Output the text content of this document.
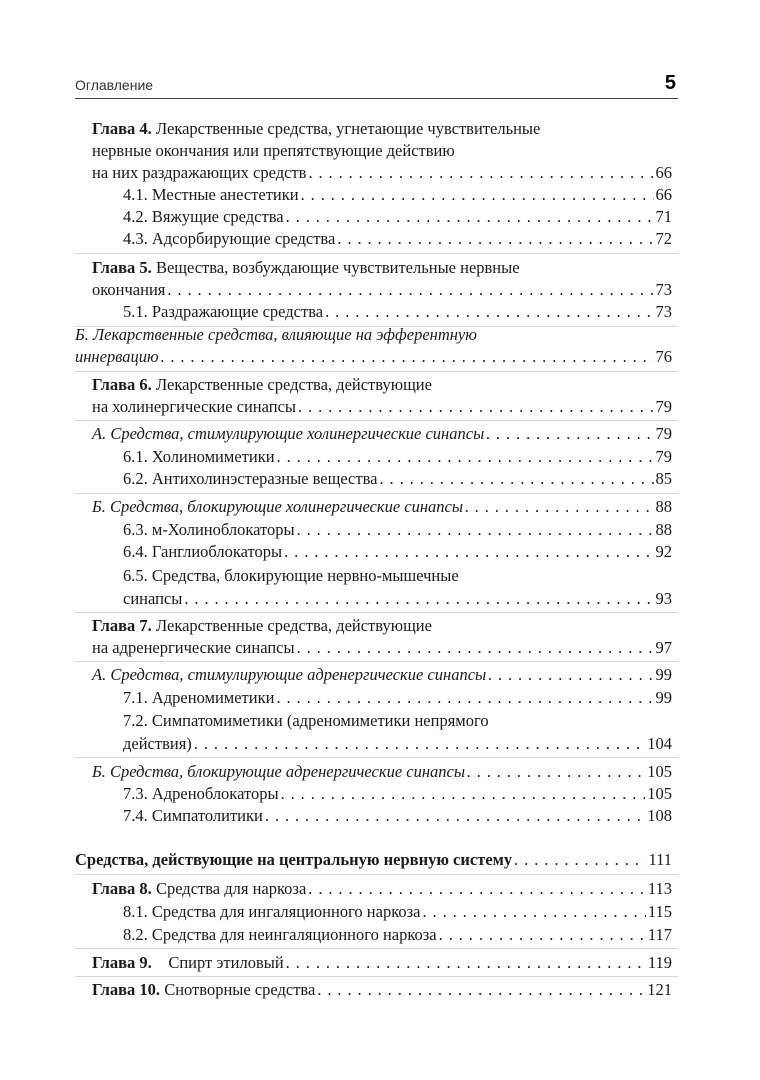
Оглавление	5
Глава 4. Лекарственные средства, угнетающие чувствительные
нервные окончания или препятствующие действию
на них раздражающих средств . . .	66
4.1. Местные анестетики . . .	66
4.2. Вяжущие средства . . .	71
4.3. Адсорбирующие средства . . .	72
Глава 5. Вещества, возбуждающие чувствительные нервные
окончания . . .	73
5.1. Раздражающие средства . . .	73
Б. Лекарственные средства, влияющие на эфферентную
иннервацию . . .	76
Глава 6. Лекарственные средства, действующие
на холинергические синапсы . . .	79
А. Средства, стимулирующие холинергические синапсы . . .	79
6.1. Холиномиметики . . .	79
6.2. Антихолинэстеразные вещества . . .	85
Б. Средства, блокирующие холинергические синапсы . . .	88
6.3. м-Холиноблокаторы . . .	88
6.4. Ганглиоблокаторы . . .	92
6.5. Средства, блокирующие нервно-мышечные
синапсы . . .	93
Глава 7. Лекарственные средства, действующие
на адренергические синапсы . . .	97
А. Средства, стимулирующие адренергические синапсы . . .	99
7.1. Адреномиметики . . .	99
7.2. Симпатомиметики (адреномиметики непрямого
действия) . . .	104
Б. Средства, блокирующие адренергические синапсы . . .	105
7.3. Адреноблокаторы . . .	105
7.4. Симпатолитики . . .	108
Средства, действующие на центральную нервную систему . . .	111
Глава 8. Средства для наркоза . . .	113
8.1. Средства для ингаляционного наркоза . . .	115
8.2. Средства для неингаляционного наркоза . . .	117
Глава 9. Спирт этиловый . . .	119
Глава 10. Снотворные средства . . .	121
